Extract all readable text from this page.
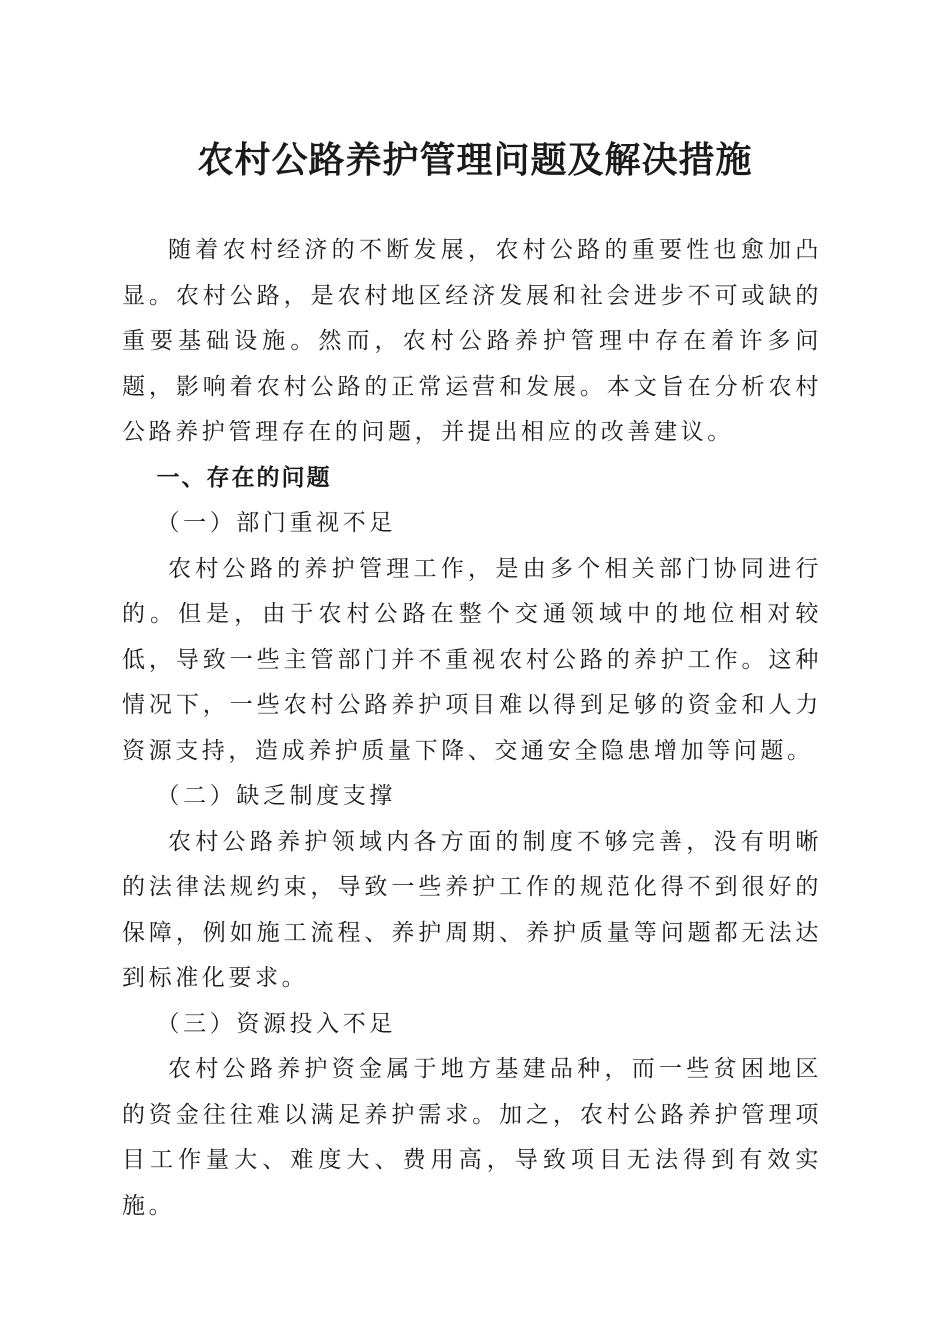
农村公路养护管理问题及解决措施

随着农村经济的不断发展，农村公路的重要性也愈加凸显。农村公路，是农村地区经济发展和社会进步不可或缺的重要基础设施。然而，农村公路养护管理中存在着许多问题，影响着农村公路的正常运营和发展。本文旨在分析农村公路养护管理存在的问题，并提出相应的改善建议。

一、存在的问题
（一）部门重视不足

农村公路的养护管理工作，是由多个相关部门协同进行的。但是，由于农村公路在整个交通领域中的地位相对较低，导致一些主管部门并不重视农村公路的养护工作。这种情况下，一些农村公路养护项目难以得到足够的资金和人力资源支持，造成养护质量下降、交通安全隐患增加等问题。

（二）缺乏制度支撑

农村公路养护领域内各方面的制度不够完善，没有明晰的法律法规约束，导致一些养护工作的规范化得不到很好的保障，例如施工流程、养护周期、养护质量等问题都无法达到标准化要求。

（三）资源投入不足

农村公路养护资金属于地方基建品种，而一些贫困地区的资金往往难以满足养护需求。加之，农村公路养护管理项目工作量大、难度大、费用高，导致项目无法得到有效实施。
